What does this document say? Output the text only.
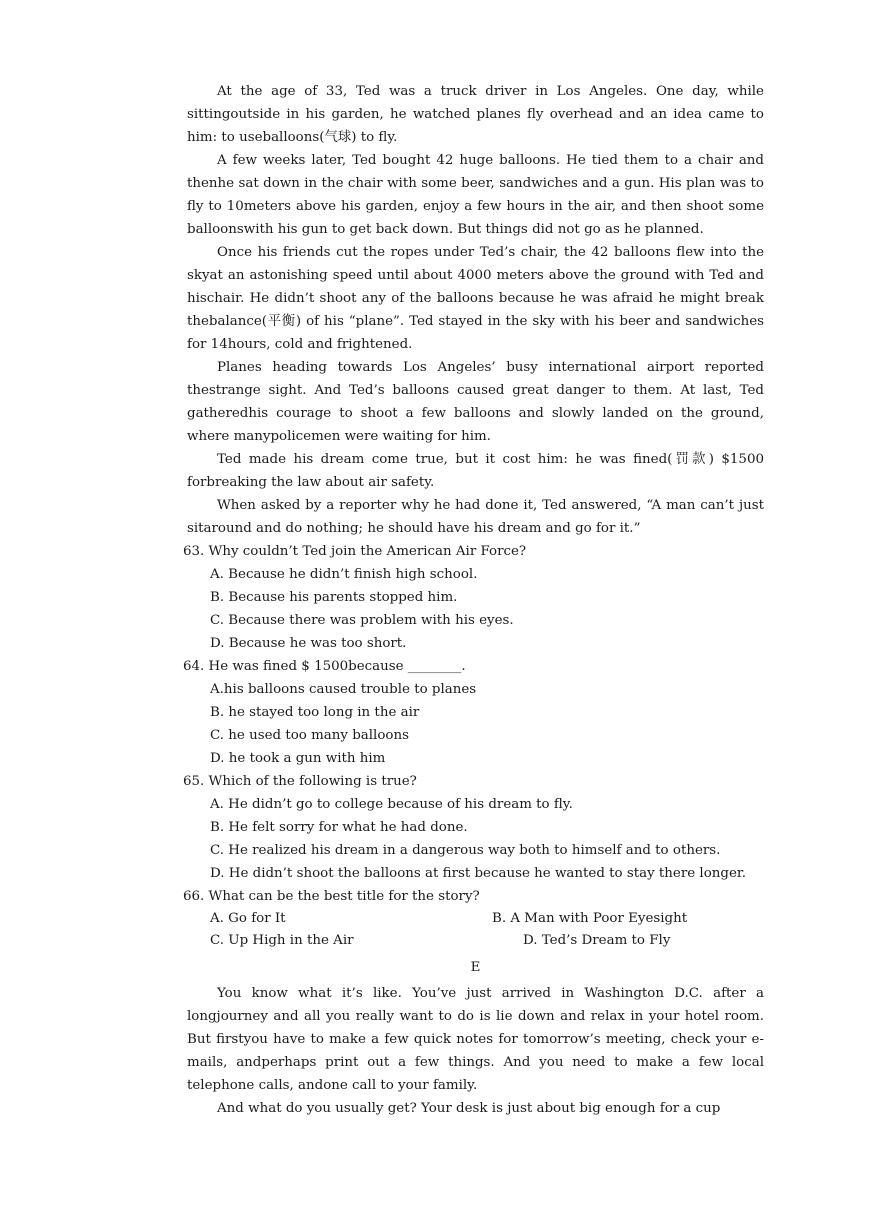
At the age of 33, Ted was a truck driver in Los Angeles. One day, while sittingoutside in his garden, he watched planes fly overhead and an idea came to him: to useballoons(气球) to fly.

A few weeks later, Ted bought 42 huge balloons. He tied them to a chair and thenhe sat down in the chair with some beer, sandwiches and a gun. His plan was to fly to 10meters above his garden, enjoy a few hours in the air, and then shoot some balloonswith his gun to get back down. But things did not go as he planned.

Once his friends cut the ropes under Ted’s chair, the 42 balloons flew into the skyat an astonishing speed until about 4000 meters above the ground with Ted and hischair. He didn’t shoot any of the balloons because he was afraid he might break thebalance(平衡) of his “plane”. Ted stayed in the sky with his beer and sandwiches for 14hours, cold and frightened.

Planes heading towards Los Angeles’ busy international airport reported thestrange sight. And Ted’s balloons caused great danger to them. At last, Ted gatheredhis courage to shoot a few balloons and slowly landed on the ground, where manypolicemen were waiting for him.

Ted made his dream come true, but it cost him: he was fined(罚款) $1500 forbreaking the law about air safety.

When asked by a reporter why he had done it, Ted answered, “A man can’t just sitaround and do nothing; he should have his dream and go for it.”

63. Why couldn’t Ted join the American Air Force?

A. Because he didn’t finish high school.

B. Because his parents stopped him.

C. Because there was problem with his eyes.

D. Because he was too short.

64. He was fined $ 1500because ________.

A.his balloons caused trouble to planes

B. he stayed too long in the air

C. he used too many balloons

D. he took a gun with him

65. Which of the following is true?

A. He didn’t go to college because of his dream to fly.

B. He felt sorry for what he had done.

C. He realized his dream in a dangerous way both to himself and to others.

D. He didn’t shoot the balloons at first because he wanted to stay there longer.

66. What can be the best title for the story?

A. Go for It	B. A Man with Poor Eyesight
C. Up High in the Air	D. Ted’s Dream to Fly

E

You know what it’s like. You’ve just arrived in Washington D.C. after a longjourney and all you really want to do is lie down and relax in your hotel room. But firstyou have to make a few quick notes for tomorrow’s meeting, check your e-mails, andperhaps print out a few things. And you need to make a few local telephone calls, andone call to your family.

And what do you usually get? Your desk is just about big enough for a cup
